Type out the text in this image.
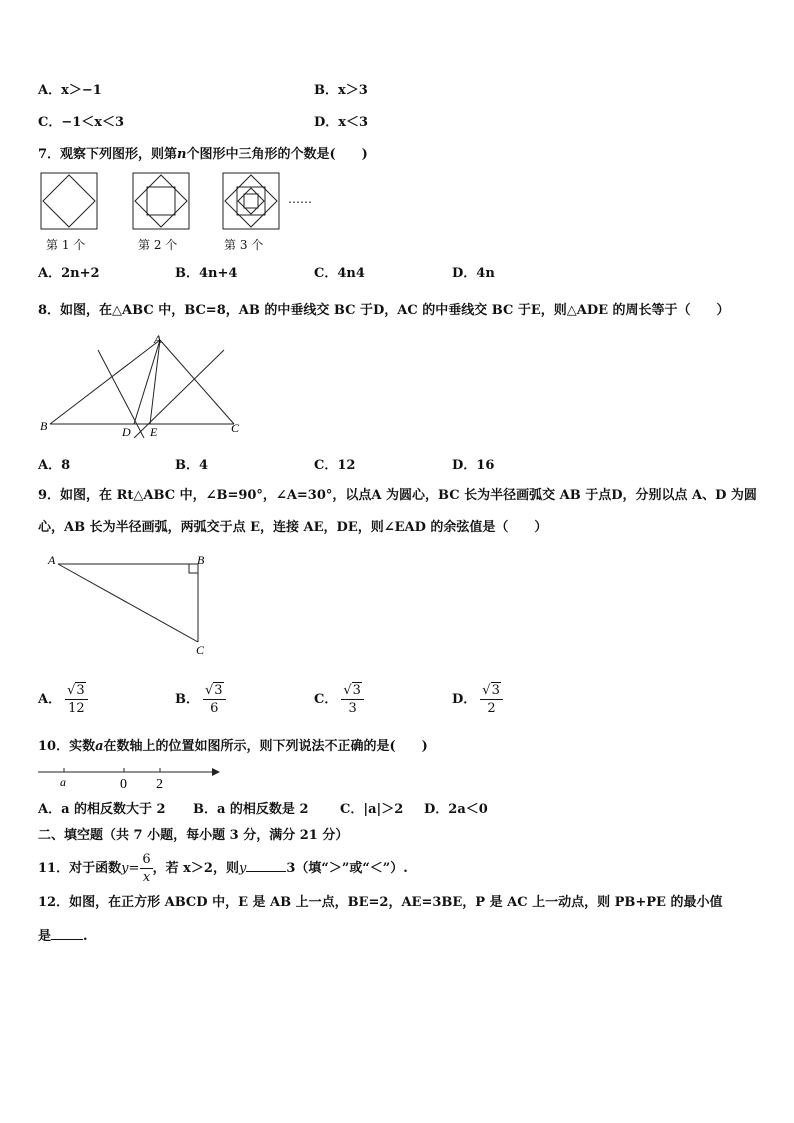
A．x＞−1	B．x＞3
C．−1＜x＜3	D．x＜3
7．观察下列图形，则第n个图形中三角形的个数是(　　)
……
第 1 个	第 2 个	第 3 个
A．2n+2	B．4n+4	C．4n4	D．4n
8．如图，在△ABC 中，BC=8，AB 的中垂线交 BC 于D，AC 的中垂线交 BC 于E，则△ADE 的周长等于（　　）
A
B	C
D E
A．8	B．4	C．12	D．16
9．如图，在 Rt△ABC 中，∠B=90°，∠A=30°，以点A 为圆心，BC 长为半径画弧交 AB 于点D，分别以点 A、D 为圆
心，AB 长为半径画弧，两弧交于点 E，连接 AE，DE，则∠EAD 的余弦值是（　　）
A	B
C
A． $\frac{√3}{12}$	B． $\frac{√3}{6}$	C． $\frac{√3}{3}$	D． $\frac{√3}{2}$
10．实数a在数轴上的位置如图所示，则下列说法不正确的是(　　)
a	0 2
A．a 的相反数大于 2 B．a 的相反数是 2 C．|a|＞2 D．2a＜0
二、填空题（共 7 小题，每小题 3 分，满分 21 分）
11．对于函数$y= \frac{6}{x}$ ，若 x＞2，则y	3（填“＞”或“＜”）.
12．如图，在正方形 ABCD 中，E 是 AB 上一点，BE=2，AE=3BE，P 是 AC 上一动点，则 PB+PE 的最小值
是 .
